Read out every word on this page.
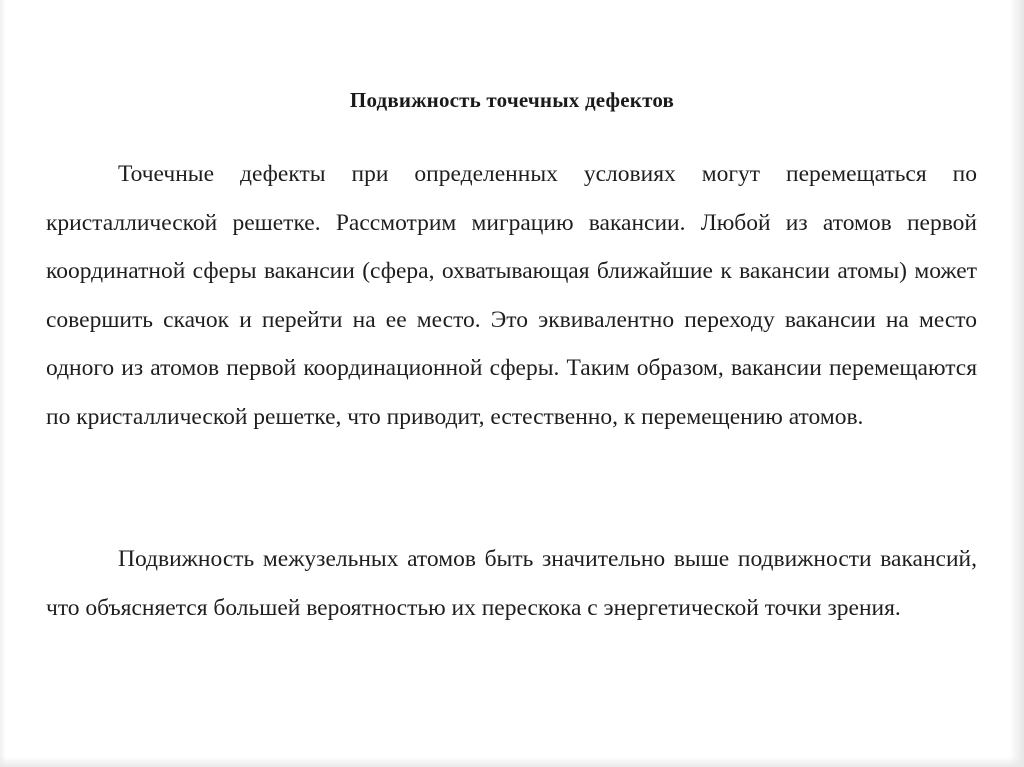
Подвижность точечных дефектов

Точечные дефекты при определенных условиях могут перемещаться по кристаллической решетке. Рассмотрим миграцию вакансии. Любой из атомов первой координатной сферы вакансии (сфера, охватывающая ближайшие к вакансии атомы) может совершить скачок и перейти на ее место. Это эквивалентно переходу вакансии на место одного из атомов первой координационной сферы. Таким образом, вакансии перемещаются по кристаллической решетке, что приводит, естественно, к перемещению атомов.

Подвижность межузельных атомов быть значительно выше подвижности вакансий, что объясняется большей вероятностью их перескока с энергетической точки зрения.
